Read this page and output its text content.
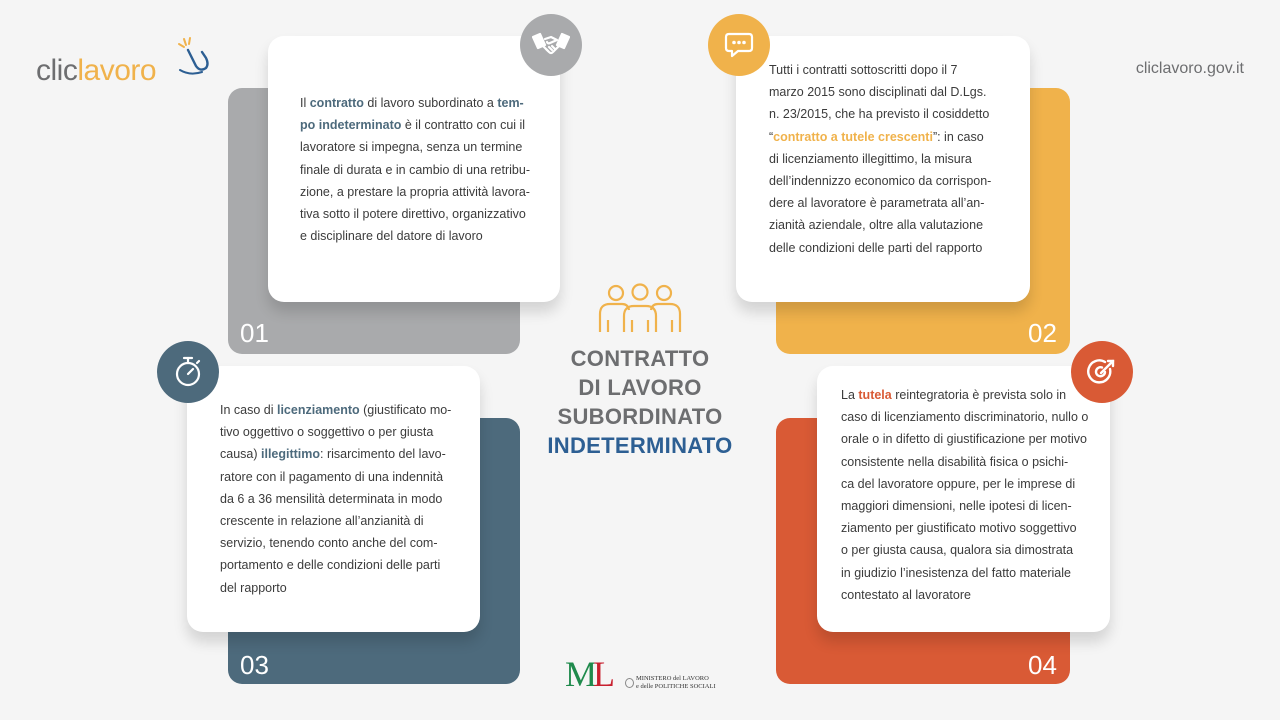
cliclavoro	cliclavoro.gov.it
01

Il contratto di lavoro subordinato a tem-
po indeterminato è il contratto con cui il
lavoratore si impegna, senza un termine
finale di durata e in cambio di una retribu-
zione, a prestare la propria attività lavora-
tiva sotto il potere direttivo, organizzativo
e disciplinare del datore di lavoro

02

Tutti i contratti sottoscritti dopo il 7
marzo 2015 sono disciplinati dal D.Lgs.
n. 23/2015, che ha previsto il cosiddetto
“contratto a tutele crescenti”: in caso
di licenziamento illegittimo, la misura
dell’indennizzo economico da corrispon-
dere al lavoratore è parametrata all’an-
zianità aziendale, oltre alla valutazione
delle condizioni delle parti del rapporto

03

In caso di licenziamento (giustificato mo-
tivo oggettivo o soggettivo o per giusta
causa) illegittimo: risarcimento del lavo-
ratore con il pagamento di una indennità
da 6 a 36 mensilità determinata in modo
crescente in relazione all’anzianità di
servizio, tenendo conto anche del com-
portamento e delle condizioni delle parti
del rapporto

04

La tutela reintegratoria è prevista solo in
caso di licenziamento discriminatorio, nullo o
orale o in difetto di giustificazione per motivo
consistente nella disabilità fisica o psichi-
ca del lavoratore oppure, per le imprese di
maggiori dimensioni, nelle ipotesi di licen-
ziamento per giustificato motivo soggettivo
o per giusta causa, qualora sia dimostrata
in giudizio l’inesistenza del fatto materiale
contestato al lavoratore

CONTRATTO
DI LAVORO
SUBORDINATO
INDETERMINATO
ML	MINISTERO del LAVORO
e delle POLITICHE SOCIALI
